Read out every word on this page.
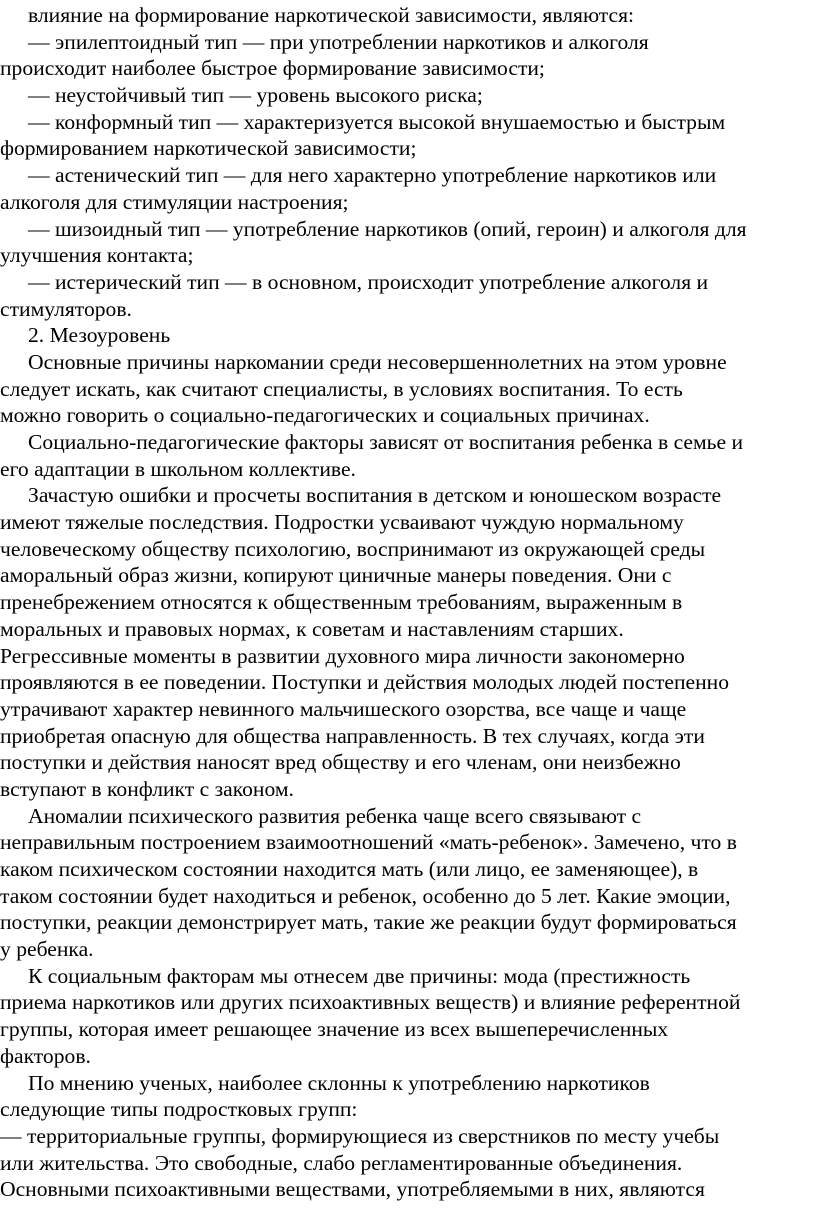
влияние на формирование наркотической зависимости, являются:
— эпилептоидный тип — при употреблении наркотиков и алкоголя
происходит наиболее быстрое формирование зависимости;
— неустойчивый тип — уровень высокого риска;
— конформный тип — характеризуется высокой внушаемостью и быстрым
формированием наркотической зависимости;
— астенический тип — для него характерно употребление наркотиков или
алкоголя для стимуляции настроения;
— шизоидный тип — употребление наркотиков (опий, героин) и алкоголя для
улучшения контакта;
— истерический тип — в основном, происходит употребление алкоголя и
стимуляторов.
2. Мезоуровень
Основные причины наркомании среди несовершеннолетних на этом уровне
следует искать, как считают специалисты, в условиях воспитания. То есть
можно говорить о социально-педагогических и социальных причинах.
Социально-педагогические факторы зависят от воспитания ребенка в семье и
его адаптации в школьном коллективе.
Зачастую ошибки и просчеты воспитания в детском и юношеском возрасте
имеют тяжелые последствия. Подростки усваивают чуждую нормальному
человеческому обществу психологию, воспринимают из окружающей среды
аморальный образ жизни, копируют циничные манеры поведения. Они с
пренебрежением относятся к общественным требованиям, выраженным в
моральных и правовых нормах, к советам и наставлениям старших.
Регрессивные моменты в развитии духовного мира личности закономерно
проявляются в ее поведении. Поступки и действия молодых людей постепенно
утрачивают характер невинного мальчишеского озорства, все чаще и чаще
приобретая опасную для общества направленность. В тех случаях, когда эти
поступки и действия наносят вред обществу и его членам, они неизбежно
вступают в конфликт с законом.
Аномалии психического развития ребенка чаще всего связывают с
неправильным построением взаимоотношений «мать-ребенок». Замечено, что в
каком психическом состоянии находится мать (или лицо, ее заменяющее), в
таком состоянии будет находиться и ребенок, особенно до 5 лет. Какие эмоции,
поступки, реакции демонстрирует мать, такие же реакции будут формироваться
у ребенка.
К социальным факторам мы отнесем две причины: мода (престижность
приема наркотиков или других психоактивных веществ) и влияние референтной
группы, которая имеет решающее значение из всех вышеперечисленных
факторов.
По мнению ученых, наиболее склонны к употреблению наркотиков
следующие типы подростковых групп:
— территориальные группы, формирующиеся из сверстников по месту учебы
или жительства. Это свободные, слабо регламентированные объединения.
Основными психоактивными веществами, употребляемыми в них, являются
